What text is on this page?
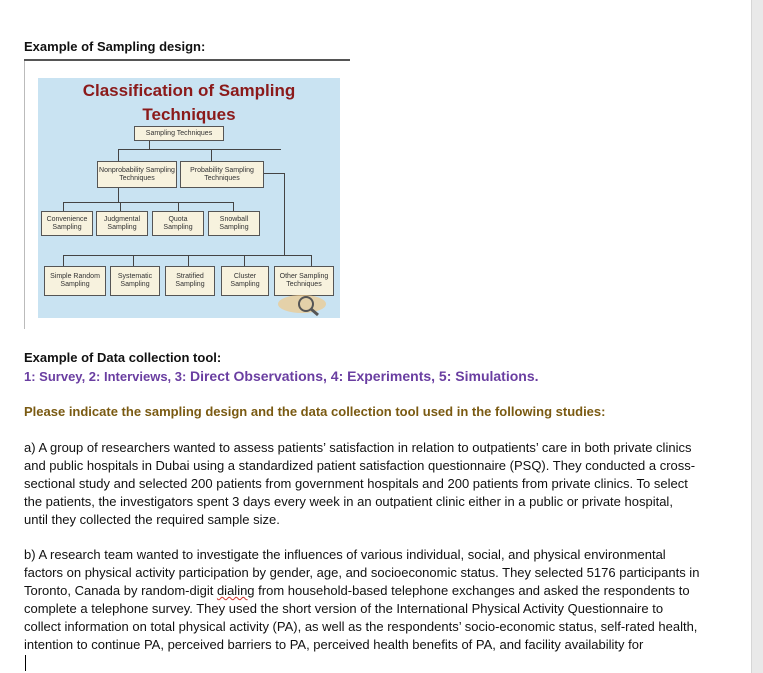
Example of Sampling design:

Classification of Sampling
Techniques
Sampling Techniques
Nonprobability Sampling Techniques
Probability Sampling Techniques
Convenience Sampling
Judgmental Sampling
Quota Sampling
Snowball Sampling
Simple Random Sampling
Systematic Sampling
Stratified Sampling
Cluster Sampling
Other Sampling Techniques

Example of Data collection tool:

1: Survey, 2: Interviews, 3: Direct Observations, 4: Experiments, 5: Simulations.
Please indicate the sampling design and the data collection tool used in the following studies:
a) A group of researchers wanted to assess patients’ satisfaction in relation to outpatients’ care in both private clinics
and public hospitals in Dubai using a standardized patient satisfaction questionnaire (PSQ). They conducted a cross-
sectional study and selected 200 patients from government hospitals and 200 patients from private clinics. To select
the patients, the investigators spent 3 days every week in an outpatient clinic either in a public or private hospital,
until they collected the required sample size.
b) A research team wanted to investigate the influences of various individual, social, and physical environmental
factors on physical activity participation by gender, age, and socioeconomic status. They selected 5176 participants in
Toronto, Canada by random-digit dialing from household-based telephone exchanges and asked the respondents to
complete a telephone survey. They used the short version of the International Physical Activity Questionnaire to
collect information on total physical activity (PA), as well as the respondents’ socio-economic status, self-rated health,
intention to continue PA, perceived barriers to PA, perceived health benefits of PA, and facility availability for
